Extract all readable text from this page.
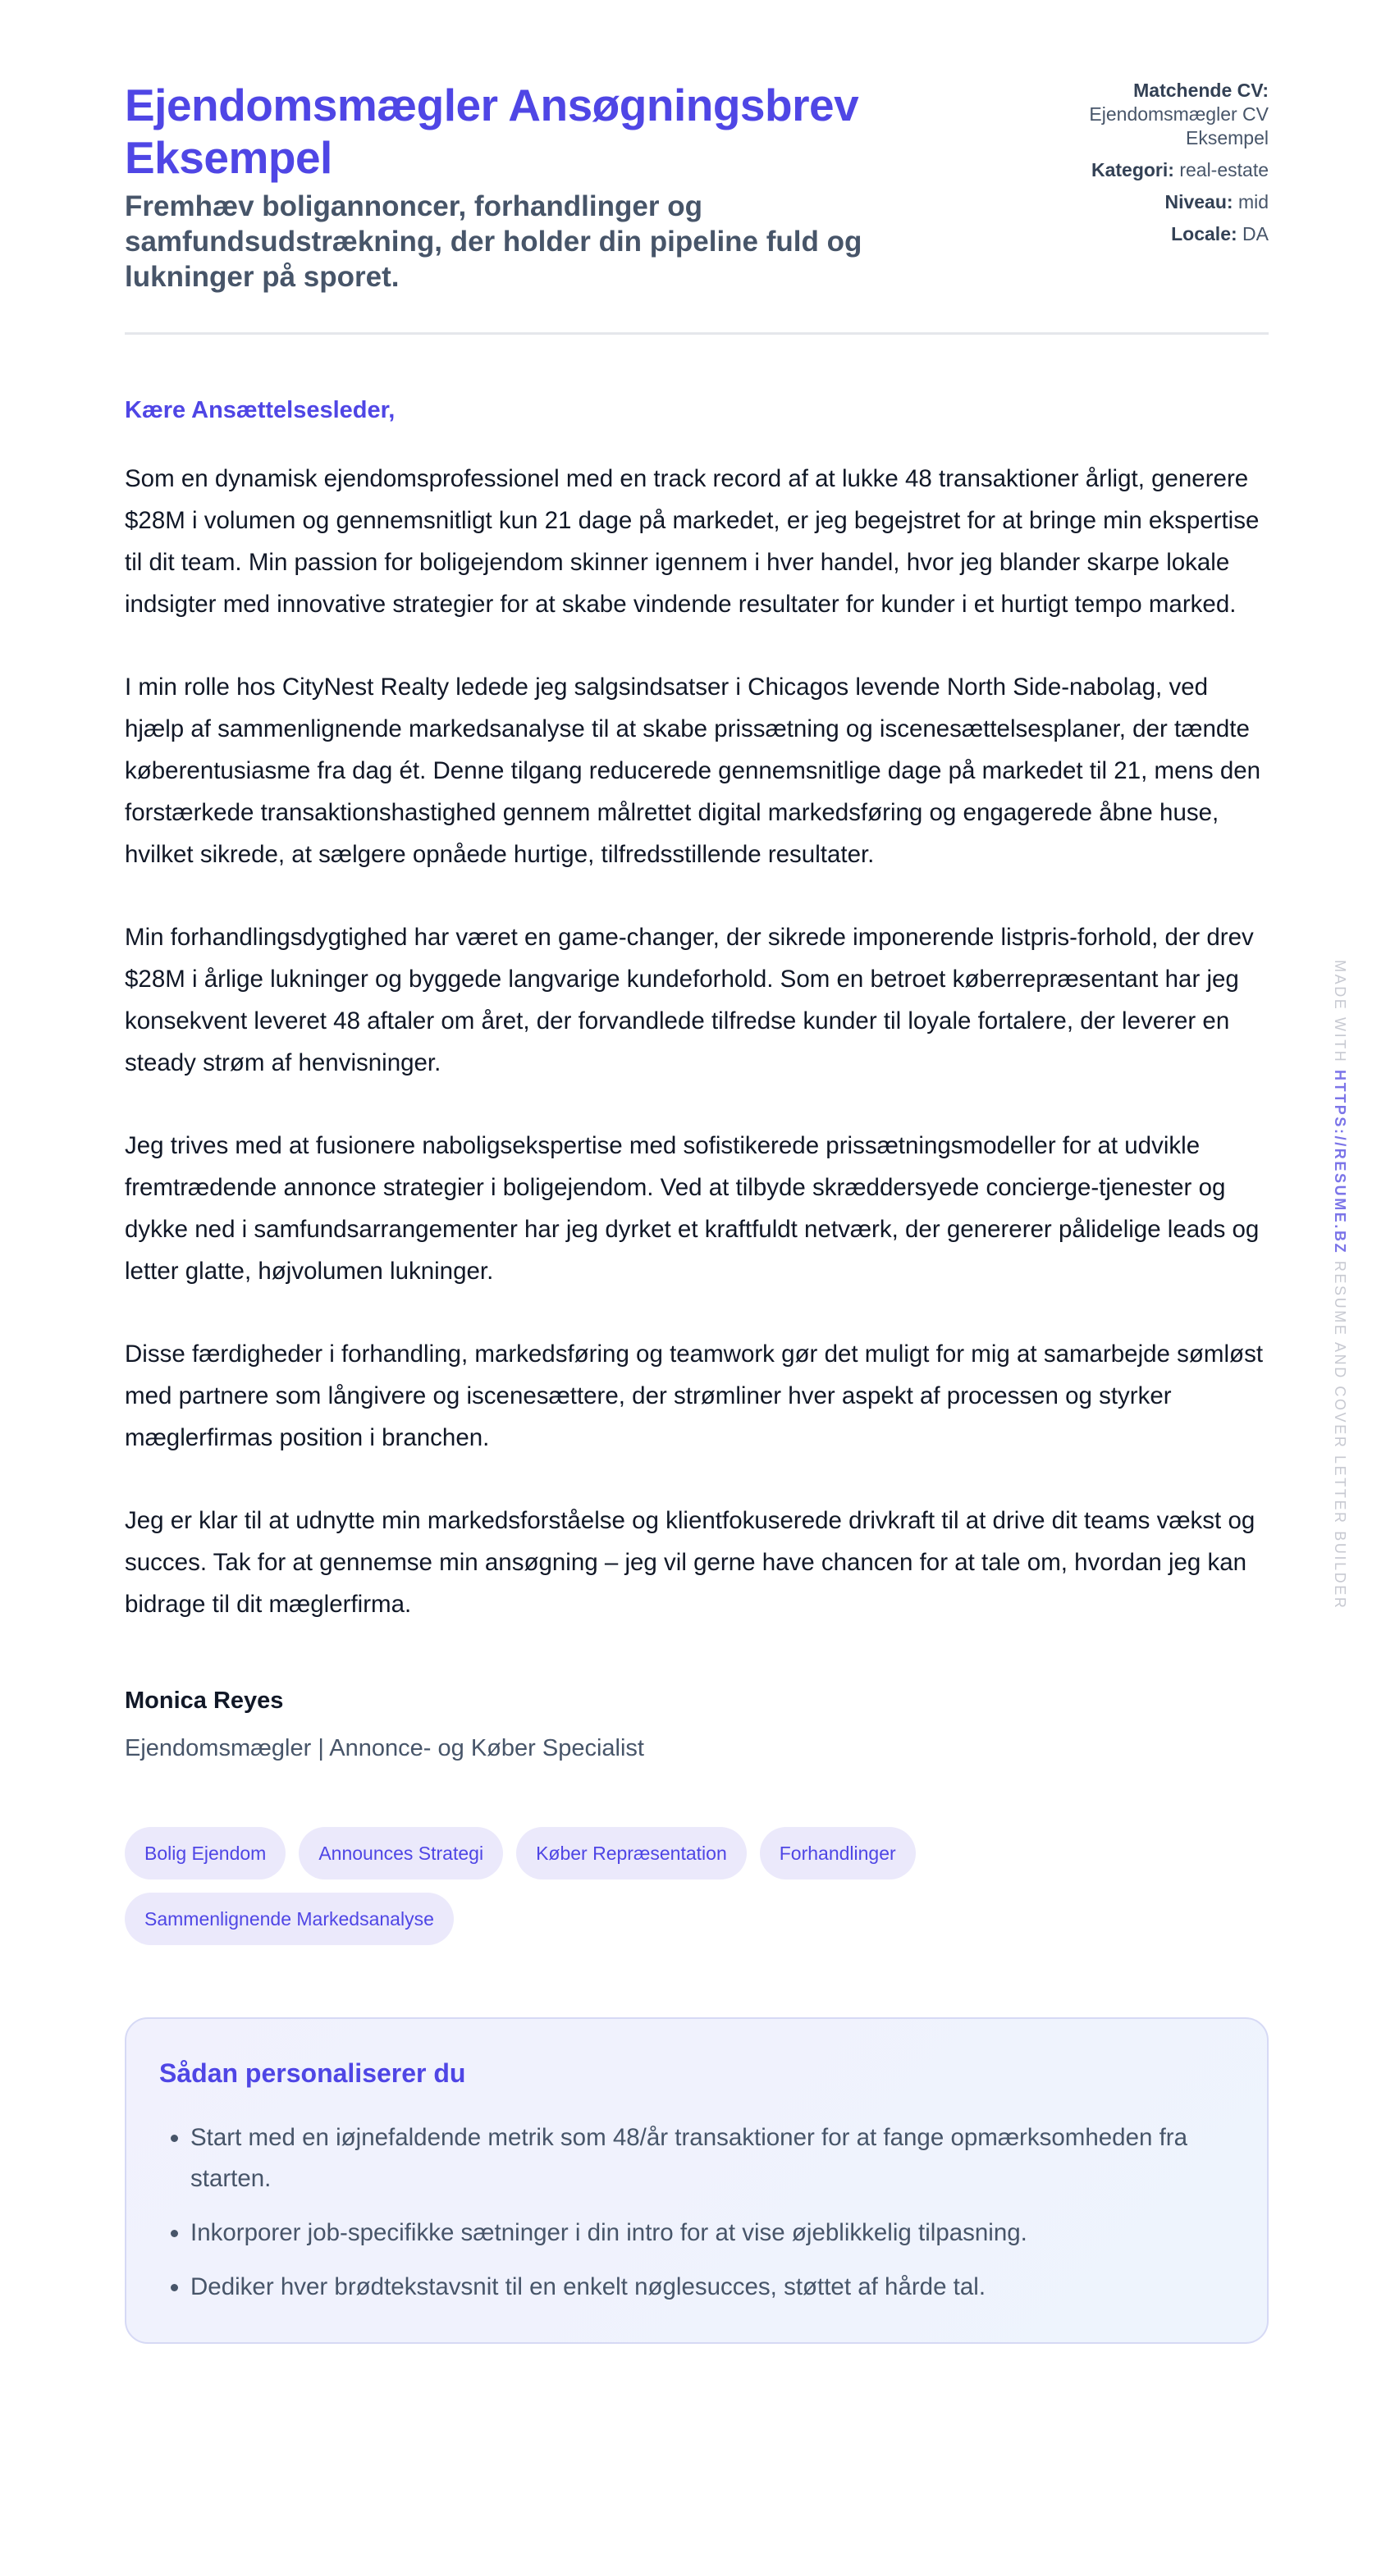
Ejendomsmægler Ansøgningsbrev Eksempel

Fremhæv boligannoncer, forhandlinger og samfundsudstrækning, der holder din pipeline fuld og lukninger på sporet.

Matchende CV:
Ejendomsmægler CV Eksempel
Kategori: real-estate
Niveau: mid
Locale: DA

Kære Ansættelsesleder,

Som en dynamisk ejendomsprofessionel med en track record af at lukke 48 transaktioner årligt, generere $28M i volumen og gennemsnitligt kun 21 dage på markedet, er jeg begejstret for at bringe min ekspertise til dit team. Min passion for boligejendom skinner igennem i hver handel, hvor jeg blander skarpe lokale indsigter med innovative strategier for at skabe vindende resultater for kunder i et hurtigt tempo marked.

I min rolle hos CityNest Realty ledede jeg salgsindsatser i Chicagos levende North Side-nabolag, ved hjælp af sammenlignende markedsanalyse til at skabe prissætning og iscenesættelsesplaner, der tændte køberentusiasme fra dag ét. Denne tilgang reducerede gennemsnitlige dage på markedet til 21, mens den forstærkede transaktionshastighed gennem målrettet digital markedsføring og engagerede åbne huse, hvilket sikrede, at sælgere opnåede hurtige, tilfredsstillende resultater.

Min forhandlingsdygtighed har været en game-changer, der sikrede imponerende listpris-forhold, der drev $28M i årlige lukninger og byggede langvarige kundeforhold. Som en betroet køberrepræsentant har jeg konsekvent leveret 48 aftaler om året, der forvandlede tilfredse kunder til loyale fortalere, der leverer en steady strøm af henvisninger.

Jeg trives med at fusionere naboligsekspertise med sofistikerede prissætningsmodeller for at udvikle fremtrædende annonce strategier i boligejendom. Ved at tilbyde skræddersyede concierge-tjenester og dykke ned i samfundsarrangementer har jeg dyrket et kraftfuldt netværk, der genererer pålidelige leads og letter glatte, højvolumen lukninger.

Disse færdigheder i forhandling, markedsføring og teamwork gør det muligt for mig at samarbejde sømløst med partnere som långivere og iscenesættere, der strømliner hver aspekt af processen og styrker mæglerfirmas position i branchen.

Jeg er klar til at udnytte min markedsforståelse og klientfokuserede drivkraft til at drive dit teams vækst og succes. Tak for at gennemse min ansøgning – jeg vil gerne have chancen for at tale om, hvordan jeg kan bidrage til dit mæglerfirma.

Monica Reyes
Ejendomsmægler | Annonce- og Køber Specialist
Bolig Ejendom	Announces Strategi	Køber Repræsentation	Forhandlinger
Sammenlignende Markedsanalyse
Sådan personaliserer du
• Start med en iøjnefaldende metrik som 48/år transaktioner for at fange opmærksomheden fra starten.
• Inkorporer job-specifikke sætninger i din intro for at vise øjeblikkelig tilpasning.
• Dediker hver brødtekstavsnit til en enkelt nøglesucces, støttet af hårde tal.
MADE WITH HTTPS://RESUME.BZ RESUME AND COVER LETTER BUILDER
